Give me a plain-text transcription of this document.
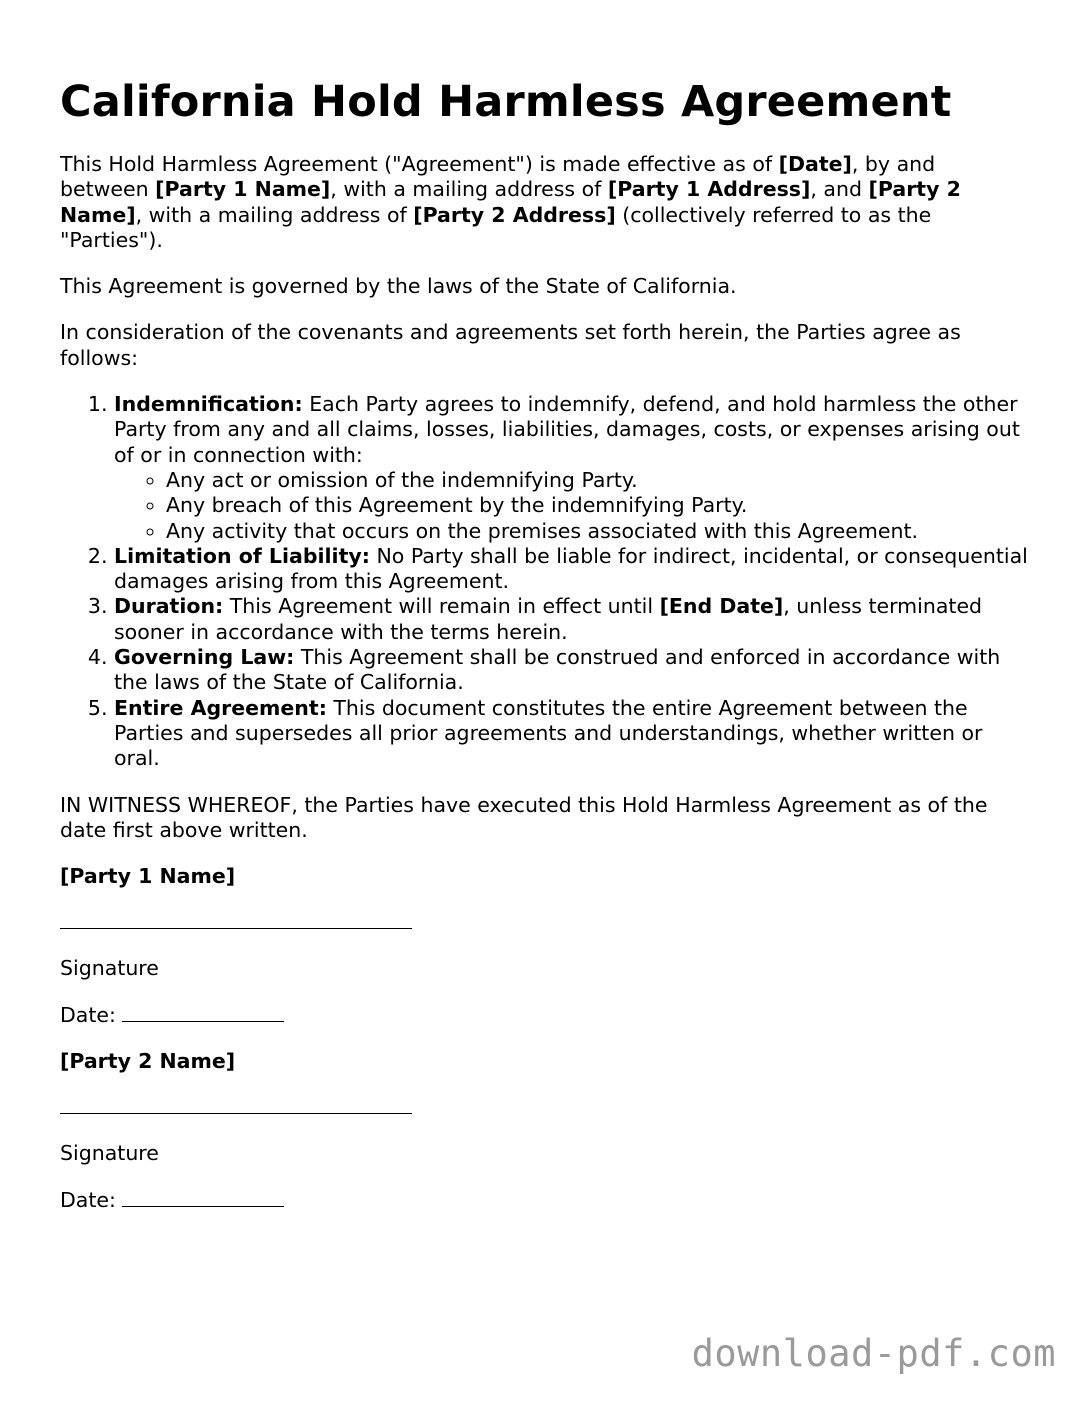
California Hold Harmless Agreement

This Hold Harmless Agreement ("Agreement") is made effective as of [Date], by and between [Party 1 Name], with a mailing address of [Party 1 Address], and [Party 2 Name], with a mailing address of [Party 2 Address] (collectively referred to as the "Parties").

This Agreement is governed by the laws of the State of California.

In consideration of the covenants and agreements set forth herein, the Parties agree as follows:

1. Indemnification: Each Party agrees to indemnify, defend, and hold harmless the other Party from any and all claims, losses, liabilities, damages, costs, or expenses arising out of or in connection with:
◦ Any act or omission of the indemnifying Party.
◦ Any breach of this Agreement by the indemnifying Party.
◦ Any activity that occurs on the premises associated with this Agreement.
2. Limitation of Liability: No Party shall be liable for indirect, incidental, or consequential damages arising from this Agreement.
3. Duration: This Agreement will remain in effect until [End Date], unless terminated sooner in accordance with the terms herein.
4. Governing Law: This Agreement shall be construed and enforced in accordance with the laws of the State of California.
5. Entire Agreement: This document constitutes the entire Agreement between the Parties and supersedes all prior agreements and understandings, whether written or oral.

IN WITNESS WHEREOF, the Parties have executed this Hold Harmless Agreement as of the date first above written.

[Party 1 Name]

Signature

Date:

[Party 2 Name]

Signature

Date:

download-pdf.com
